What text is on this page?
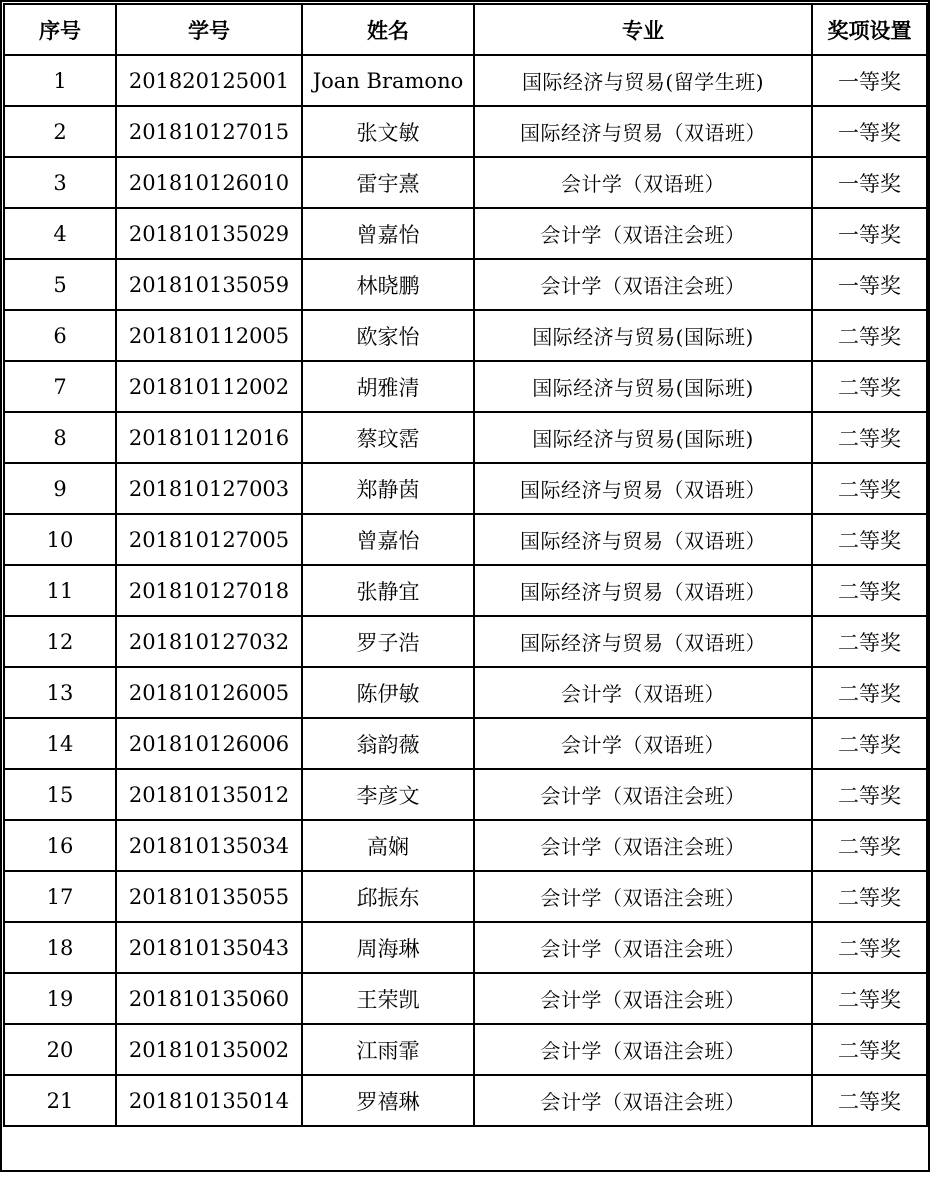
序号	学号	姓名	专业	奖项设置
1	201820125001	Joan Bramono	国际经济与贸易(留学生班)	一等奖
2	201810127015	张文敏	国际经济与贸易（双语班）	一等奖
3	201810126010	雷宇熹	会计学（双语班）	一等奖
4	201810135029	曾嘉怡	会计学（双语注会班）	一等奖
5	201810135059	林晓鹏	会计学（双语注会班）	一等奖
6	201810112005	欧家怡	国际经济与贸易(国际班)	二等奖
7	201810112002	胡雅清	国际经济与贸易(国际班)	二等奖
8	201810112016	蔡玟霑	国际经济与贸易(国际班)	二等奖
9	201810127003	郑静茵	国际经济与贸易（双语班）	二等奖
10	201810127005	曾嘉怡	国际经济与贸易（双语班）	二等奖
11	201810127018	张静宜	国际经济与贸易（双语班）	二等奖
12	201810127032	罗子浩	国际经济与贸易（双语班）	二等奖
13	201810126005	陈伊敏	会计学（双语班）	二等奖
14	201810126006	翁韵薇	会计学（双语班）	二等奖
15	201810135012	李彦文	会计学（双语注会班）	二等奖
16	201810135034	高娴	会计学（双语注会班）	二等奖
17	201810135055	邱振东	会计学（双语注会班）	二等奖
18	201810135043	周海琳	会计学（双语注会班）	二等奖
19	201810135060	王荣凯	会计学（双语注会班）	二等奖
20	201810135002	江雨霏	会计学（双语注会班）	二等奖
21	201810135014	罗禧琳	会计学（双语注会班）	二等奖
